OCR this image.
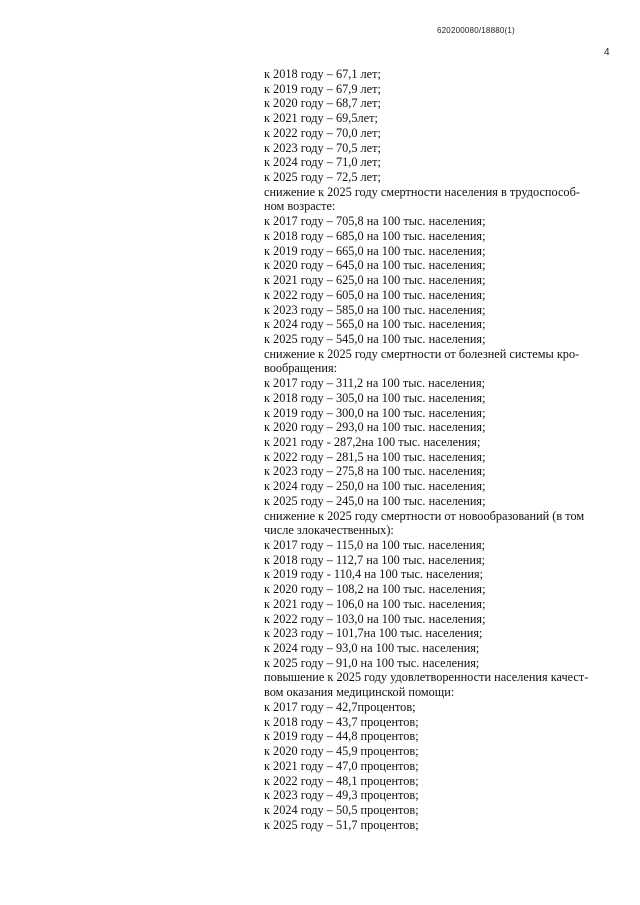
620200080/18880(1)
4
к 2018 году – 67,1 лет;
к 2019 году – 67,9 лет;
к 2020 году – 68,7 лет;
к 2021 году – 69,5лет;
к 2022 году – 70,0 лет;
к 2023 году – 70,5 лет;
к 2024 году – 71,0 лет;
к 2025 году – 72,5 лет;
снижение к 2025 году смертности населения в трудоспособ-
ном возрасте:
к 2017 году – 705,8 на 100 тыс. населения;
к 2018 году – 685,0 на 100 тыс. населения;
к 2019 году – 665,0 на 100 тыс. населения;
к 2020 году – 645,0 на 100 тыс. населения;
к 2021 году – 625,0 на 100 тыс. населения;
к 2022 году – 605,0 на 100 тыс. населения;
к 2023 году – 585,0 на 100 тыс. населения;
к 2024 году – 565,0 на 100 тыс. населения;
к 2025 году – 545,0 на 100 тыс. населения;
снижение к 2025 году смертности от болезней системы кро-
вообращения:
к 2017 году – 311,2 на 100 тыс. населения;
к 2018 году – 305,0 на 100 тыс. населения;
к 2019 году – 300,0 на 100 тыс. населения;
к 2020 году – 293,0 на 100 тыс. населения;
к 2021 году - 287,2на 100 тыс. населения;
к 2022 году – 281,5 на 100 тыс. населения;
к 2023 году – 275,8 на 100 тыс. населения;
к 2024 году – 250,0 на 100 тыс. населения;
к 2025 году – 245,0 на 100 тыс. населения;
снижение к 2025 году смертности от новообразований (в том
числе злокачественных):
к 2017 году – 115,0 на 100 тыс. населения;
к 2018 году – 112,7 на 100 тыс. населения;
к 2019 году - 110,4 на 100 тыс. населения;
к 2020 году – 108,2 на 100 тыс. населения;
к 2021 году – 106,0 на 100 тыс. населения;
к 2022 году – 103,0 на 100 тыс. населения;
к 2023 году – 101,7на 100 тыс. населения;
к 2024 году – 93,0 на 100 тыс. населения;
к 2025 году – 91,0 на 100 тыс. населения;
повышение к 2025 году удовлетворенности населения качест-
вом оказания медицинской помощи:
к 2017 году – 42,7процентов;
к 2018 году – 43,7 процентов;
к 2019 году – 44,8 процентов;
к 2020 году – 45,9 процентов;
к 2021 году – 47,0 процентов;
к 2022 году – 48,1 процентов;
к 2023 году – 49,3 процентов;
к 2024 году – 50,5 процентов;
к 2025 году – 51,7 процентов;
